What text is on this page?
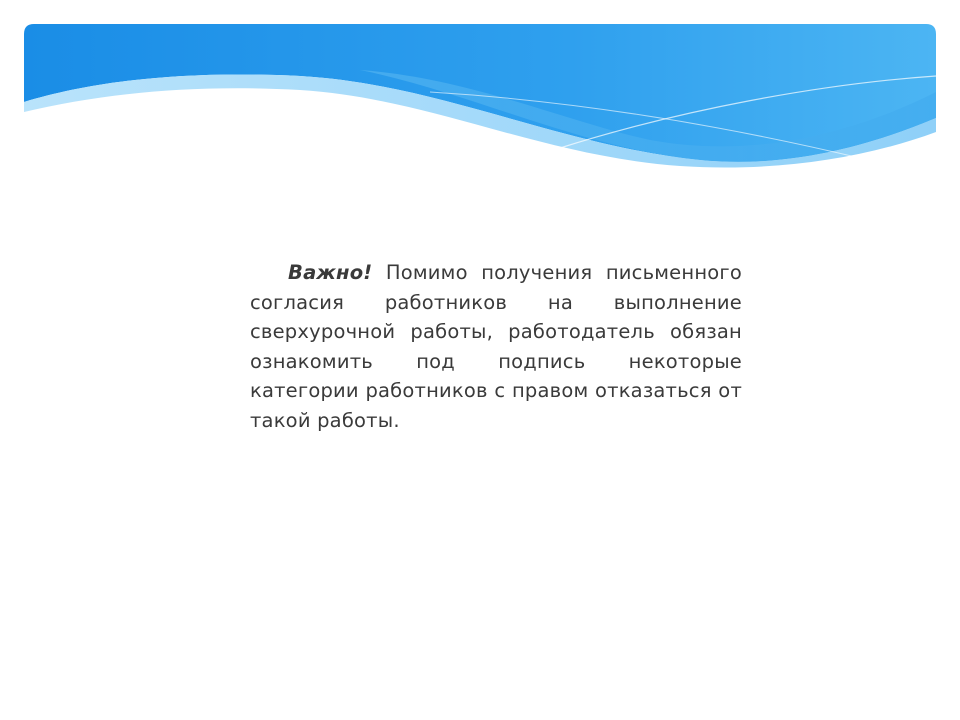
Важно! Помимо получения письменного согласия работников на выполнение сверхурочной работы, работодатель обязан ознакомить под подпись некоторые категории работников с правом отказаться от такой работы.
